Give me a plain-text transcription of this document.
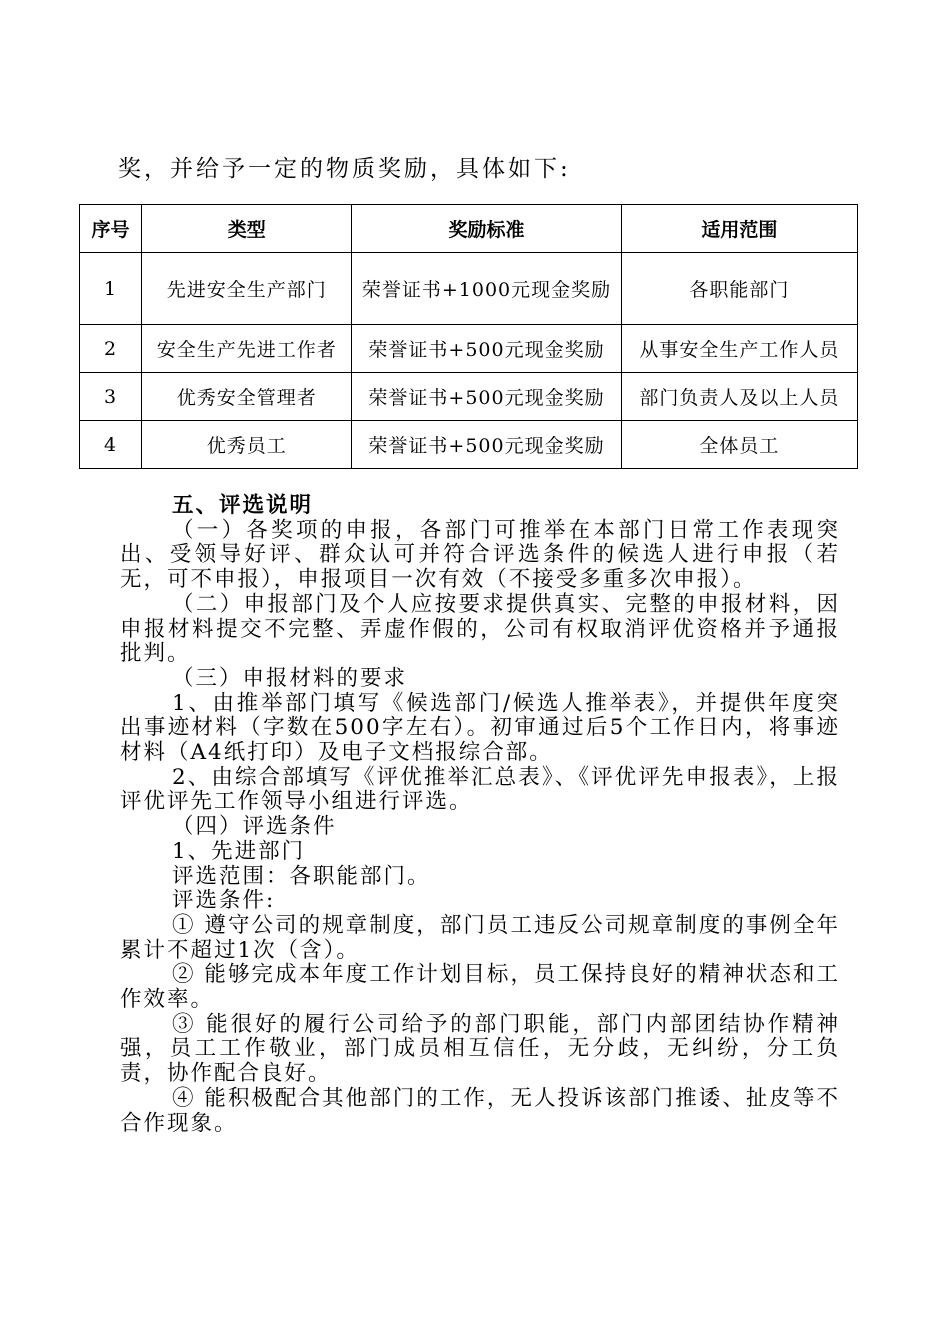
奖，并给予一定的物质奖励，具体如下:
序号	类型	奖励标准	适用范围
1	先进安全生产部门	荣誉证书+1000元现金奖励	各职能部门
2	安全生产先进工作者	荣誉证书+500元现金奖励	从事安全生产工作人员
3	优秀安全管理者	荣誉证书+500元现金奖励	部门负责人及以上人员
4	优秀员工	荣誉证书+500元现金奖励	全体员工

五、评选说明

（一）各奖项的申报，各部门可推举在本部门日常工作表现突出、受领导好评、群众认可并符合评选条件的候选人进行申报（若无，可不申报），申报项目一次有效（不接受多重多次申报）。

（二）申报部门及个人应按要求提供真实、完整的申报材料，因申报材料提交不完整、弄虚作假的，公司有权取消评优资格并予通报批判。

（三）申报材料的要求

1、由推举部门填写《候选部门/候选人推举表》，并提供年度突出事迹材料（字数在500字左右）。初审通过后5个工作日内，将事迹材料（A4纸打印）及电子文档报综合部。

2、由综合部填写《评优推举汇总表》、《评优评先申报表》，上报评优评先工作领导小组进行评选。

（四）评选条件

1、先进部门

评选范围：各职能部门。

评选条件:

① 遵守公司的规章制度，部门员工违反公司规章制度的事例全年累计不超过1次（含）。

② 能够完成本年度工作计划目标，员工保持良好的精神状态和工作效率。

③ 能很好的履行公司给予的部门职能，部门内部团结协作精神强，员工工作敬业，部门成员相互信任，无分歧，无纠纷，分工负责，协作配合良好。

④ 能积极配合其他部门的工作，无人投诉该部门推诿、扯皮等不合作现象。
